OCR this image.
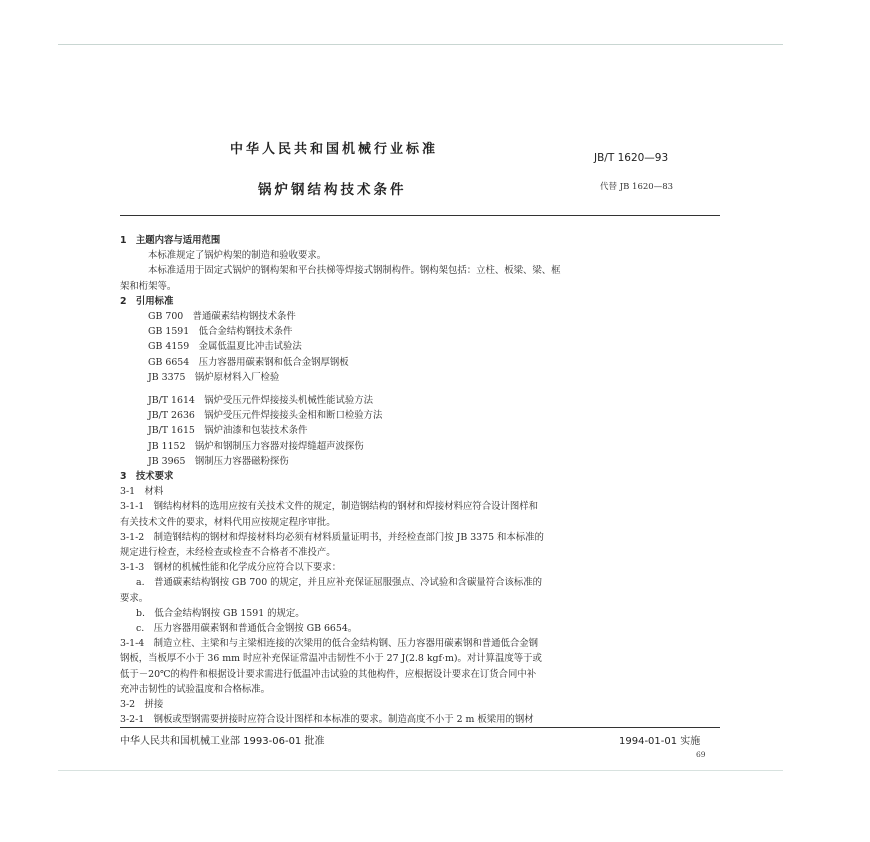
中华人民共和国机械行业标准
JB/T 1620—93
锅炉钢结构技术条件	代替 JB 1620—83
1　主题内容与适用范围
本标准规定了锅炉构架的制造和验收要求。
本标准适用于固定式锅炉的钢构架和平台扶梯等焊接式钢制构件。钢构架包括：立柱、板梁、梁、框
架和桁架等。
2　引用标准
GB 700　普通碳素结构钢技术条件
GB 1591　低合金结构钢技术条件
GB 4159　金属低温夏比冲击试验法
GB 6654　压力容器用碳素钢和低合金钢厚钢板
JB 3375　锅炉原材料入厂检验
JB/T 1614　锅炉受压元件焊接接头机械性能试验方法
JB/T 2636　锅炉受压元件焊接接头金相和断口检验方法
JB/T 1615　锅炉油漆和包装技术条件
JB 1152　锅炉和钢制压力容器对接焊缝超声波探伤
JB 3965　钢制压力容器磁粉探伤
3　技术要求
3-1　材料
3-1-1　钢结构材料的选用应按有关技术文件的规定，制造钢结构的钢材和焊接材料应符合设计图样和
有关技术文件的要求，材料代用应按规定程序审批。
3-1-2　制造钢结构的钢材和焊接材料均必须有材料质量证明书，并经检查部门按 JB 3375 和本标准的
规定进行检查，未经检查或检查不合格者不准投产。
3-1-3　钢材的机械性能和化学成分应符合以下要求：
a.　普通碳素结构钢按 GB 700 的规定，并且应补充保证屈服强点、冷试验和含碳量符合该标准的
要求。
b.　低合金结构钢按 GB 1591 的规定。
c.　压力容器用碳素钢和普通低合金钢按 GB 6654。
3-1-4　制造立柱、主梁和与主梁相连接的次梁用的低合金结构钢、压力容器用碳素钢和普通低合金钢
钢板，当板厚不小于 36 mm 时应补充保证常温冲击韧性不小于 27 J(2.8 kgf·m)。对计算温度等于或
低于－20℃的构件和根据设计要求需进行低温冲击试验的其他构件，应根据设计要求在订货合同中补
充冲击韧性的试验温度和合格标准。
3-2　拼接
3-2-1　钢板或型钢需要拼接时应符合设计图样和本标准的要求。制造高度不小于 2 m 板梁用的钢材
中华人民共和国机械工业部 1993-06-01 批准	1994-01-01 实施
69
